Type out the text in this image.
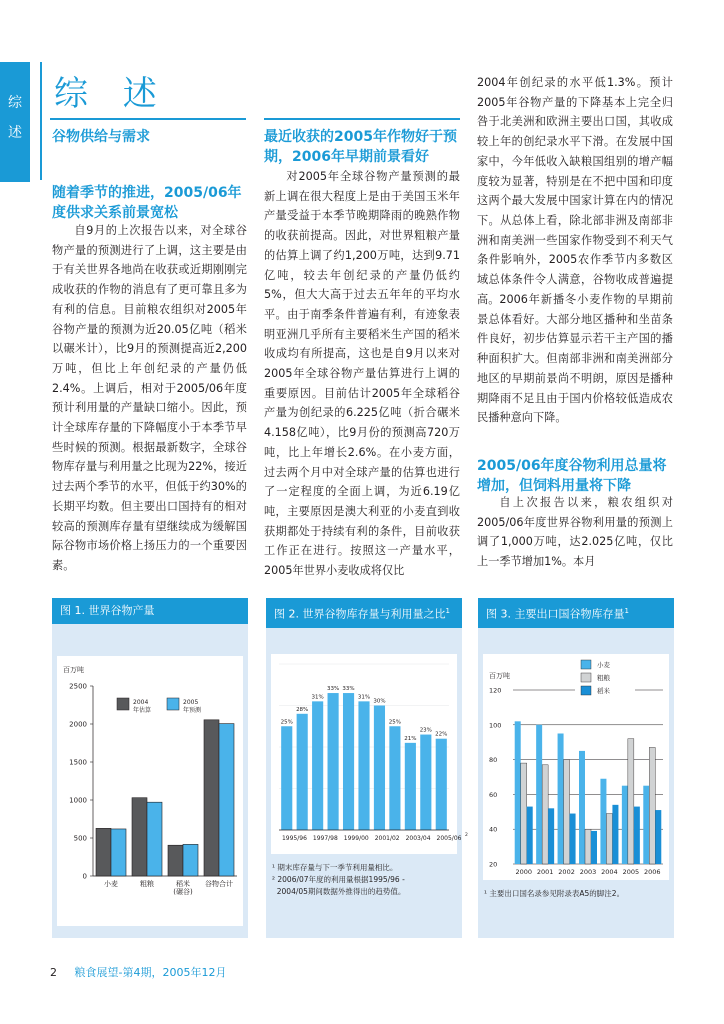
综 述
综 述
谷物供给与需求
随着季节的推进，2005/06年度供求关系前景宽松

自9月的上次报告以来，对全球谷物产量的预测进行了上调，这主要是由于有关世界各地尚在收获或近期刚刚完成收获的作物的消息有了更可靠且多为有利的信息。目前粮农组织对2005年谷物产量的预测为近20.05亿吨（稻米以碾米计），比9月的预测提高近2,200万吨，但比上年创纪录的产量仍低2.4%。上调后，相对于2005/06年度预计利用量的产量缺口缩小。因此，预计全球库存量的下降幅度小于本季节早些时候的预测。根据最新数字，全球谷物库存量与利用量之比现为22%，接近过去两个季节的水平，但低于约30%的长期平均数。但主要出口国持有的相对较高的预测库存量有望继续成为缓解国际谷物市场价格上扬压力的一个重要因素。

最近收获的2005年作物好于预期，2006年早期前景看好

对2005年全球谷物产量预测的最新上调在很大程度上是由于美国玉米年产量受益于本季节晚期降雨的晚熟作物的收获前提高。因此，对世界粗粮产量的估算上调了约1,200万吨，达到9.71亿吨，较去年创纪录的产量仍低约5%，但大大高于过去五年年的平均水平。由于南季条件普遍有利，有迹象表明亚洲几乎所有主要稻米生产国的稻米收成均有所提高，这也是自9月以来对2005年全球谷物产量估算进行上调的重要原因。目前估计2005年全球稻谷产量为创纪录的6.225亿吨（折合碾米4.158亿吨），比9月份的预测高720万吨，比上年增长2.6%。在小麦方面，过去两个月中对全球产量的估算也进行了一定程度的全面上调，为近6.19亿吨，主要原因是澳大利亚的小麦直到收获期都处于持续有利的条件，目前收获工作正在进行。按照这一产量水平，2005年世界小麦收成将仅比

2004年创纪录的水平低1.3%。预计2005年谷物产量的下降基本上完全归咎于北美洲和欧洲主要出口国，其收成较上年的创纪录水平下滑。在发展中国家中，今年低收入缺粮国组别的增产幅度较为显著，特别是在不把中国和印度这两个最大发展中国家计算在内的情况下。从总体上看，除北部非洲及南部非洲和南美洲一些国家作物受到不利天气条件影响外，2005农作季节内多数区域总体条件令人满意，谷物收成普遍提高。 2006年新播冬小麦作物的早期前景总体看好。大部分地区播种和坐苗条件良好，初步估算显示若干主产国的播种面积扩大。但南部非洲和南美洲部分地区的早期前景尚不明朗，原因是播种期降雨不足且由于国内价格较低造成农民播种意向下降。

2005/06年度谷物利用总量将增加，但饲料用量将下降

自上次报告以来，粮农组织对2005/06年度世界谷物利用量的预测上调了1,000万吨，达2.025亿吨，仅比上一季节增加1%。本月

图 1. 世界谷物产量
百万吨
0
500
1000
1500
2000
2500
小麦	粗粮	稻米
(碾谷)
谷物合计
2004
年估算
2005
年预测
图 2. 世界谷物库存量与利用量之比$^1$
25%
28%
31%
33% 33%
31%
30%
25%
21%
23%
22%
1995/96 1997/98 1999/00 2001/02 2003/04 2005/06 2
¹ 期末库存量与下一季节利用量相比。
² 2006/07年度的利用量根据1995/96 -
2004/05期间数据外推得出的趋势值。
图 3. 主要出口国谷物库存量$^1$
百万吨
20
40
60
80
100
120
2000 2001 2002 2003 2004 2005 2006
小麦
粗粮
稻米
¹ 主要出口国名录参见附录表A5的脚注2。
2 粮食展望-第4期，2005年12月
